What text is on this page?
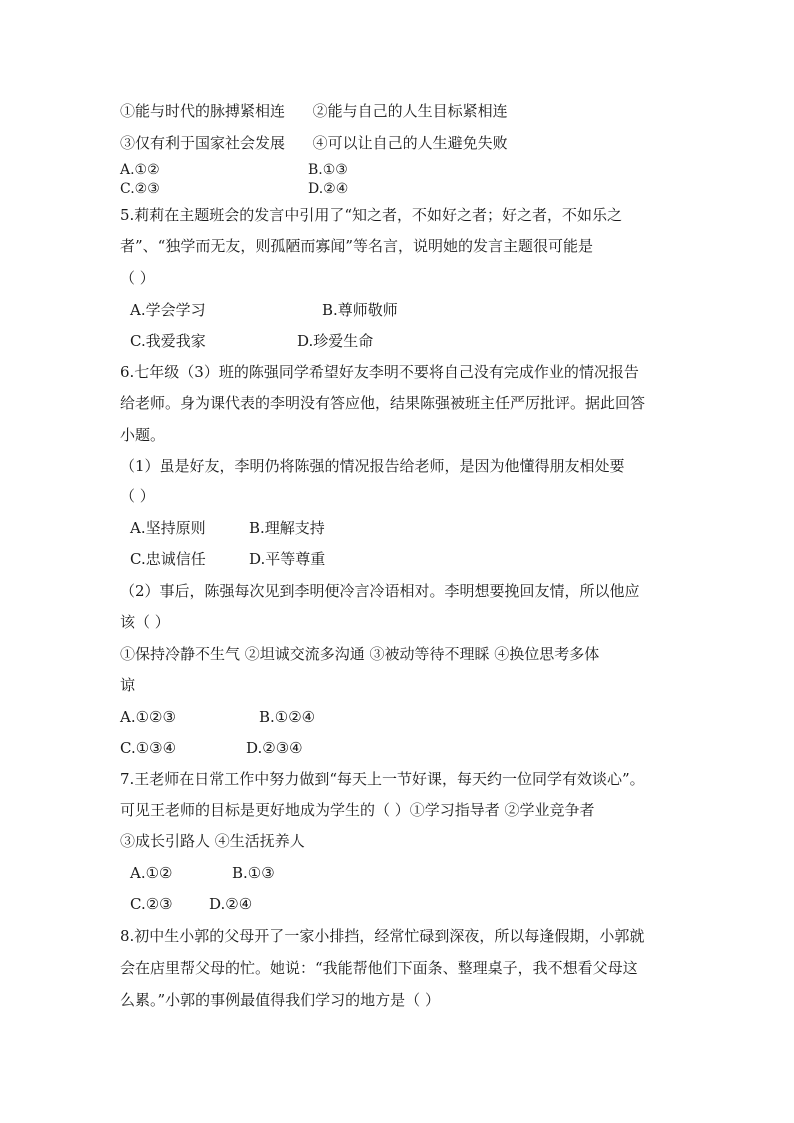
①能与时代的脉搏紧相连 ②能与自己的人生目标紧相连
③仅有利于国家社会发展 ④可以让自己的人生避免失败
A.①②	B.①③
C.②③	D.②④
5.莉莉在主题班会的发言中引用了“知之者，不如好之者；好之者，不如乐之
者”、“独学而无友，则孤陋而寡闻”等名言，说明她的发言主题很可能是
（ ）
A.学会学习	B.尊师敬师
C.我爱我家	D.珍爱生命
6.七年级（3）班的陈强同学希望好友李明不要将自己没有完成作业的情况报告
给老师。身为课代表的李明没有答应他，结果陈强被班主任严厉批评。据此回答
小题。
（1）虽是好友，李明仍将陈强的情况报告给老师，是因为他懂得朋友相处要
（ ）
A.坚持原则	B.理解支持
C.忠诚信任	D.平等尊重
（2）事后，陈强每次见到李明便冷言冷语相对。李明想要挽回友情，所以他应
该（ ）
①保持冷静不生气 ②坦诚交流多沟通 ③被动等待不理睬 ④换位思考多体
谅
A.①②③	B.①②④
C.①③④	D.②③④
7.王老师在日常工作中努力做到“每天上一节好课，每天约一位同学有效谈心”。
可见王老师的目标是更好地成为学生的（ ）①学习指导者 ②学业竞争者
③成长引路人 ④生活抚养人
A.①②	B.①③
C.②③ D.②④
8.初中生小郭的父母开了一家小排挡，经常忙碌到深夜，所以每逢假期，小郭就
会在店里帮父母的忙。她说：“我能帮他们下面条、整理桌子，我不想看父母这
么累。”小郭的事例最值得我们学习的地方是（ ）
